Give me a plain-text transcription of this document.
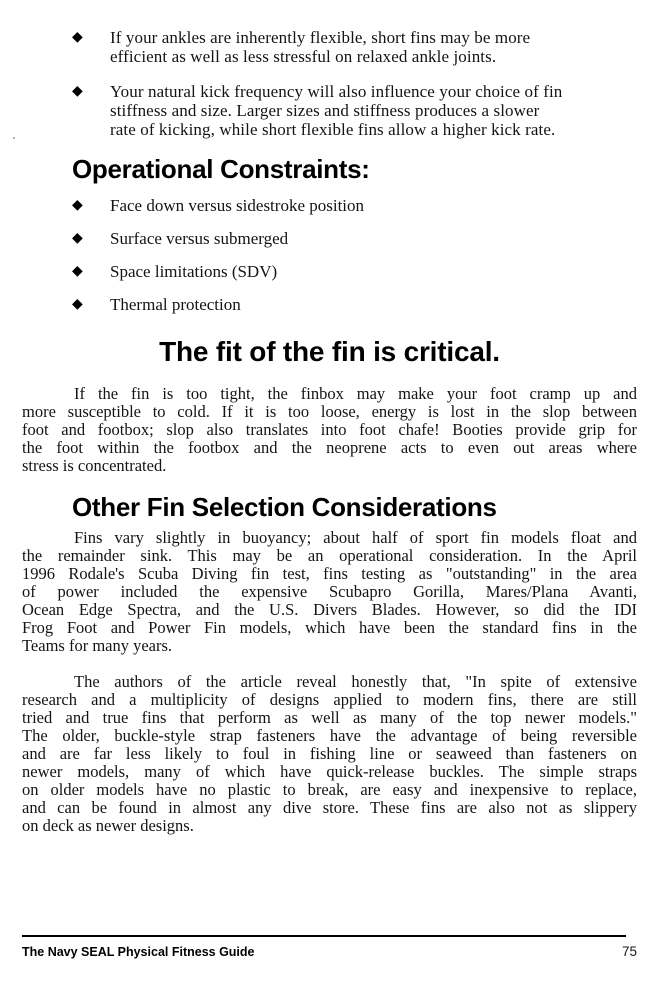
◆	If your ankles are inherently flexible, short fins may be more
efficient as well as less stressful on relaxed ankle joints.
◆	Your natural kick frequency will also influence your choice of fin
stiffness and size. Larger sizes and stiffness produces a slower
rate of kicking, while short flexible fins allow a higher kick rate.
Operational Constraints:
◆	Face down versus sidestroke position
◆	Surface versus submerged
◆	Space limitations (SDV)
◆	Thermal protection
The fit of the fin is critical.
If the fin is too tight, the finbox may make your foot cramp up and
more susceptible to cold. If it is too loose, energy is lost in the slop between
foot and footbox; slop also translates into foot chafe! Booties provide grip for
the foot within the footbox and the neoprene acts to even out areas where
stress is concentrated.
Other Fin Selection Considerations
Fins vary slightly in buoyancy; about half of sport fin models float and
the remainder sink. This may be an operational consideration. In the April
1996 Rodale's Scuba Diving fin test, fins testing as "outstanding" in the area
of power included the expensive Scubapro Gorilla, Mares/Plana Avanti,
Ocean Edge Spectra, and the U.S. Divers Blades. However, so did the IDI
Frog Foot and Power Fin models, which have been the standard fins in the
Teams for many years.
The authors of the article reveal honestly that, "In spite of extensive
research and a multiplicity of designs applied to modern fins, there are still
tried and true fins that perform as well as many of the top newer models."
The older, buckle-style strap fasteners have the advantage of being reversible
and are far less likely to foul in fishing line or seaweed than fasteners on
newer models, many of which have quick-release buckles. The simple straps
on older models have no plastic to break, are easy and inexpensive to replace,
and can be found in almost any dive store. These fins are also not as slippery
on deck as newer designs.
The Navy SEAL Physical Fitness Guide	75
